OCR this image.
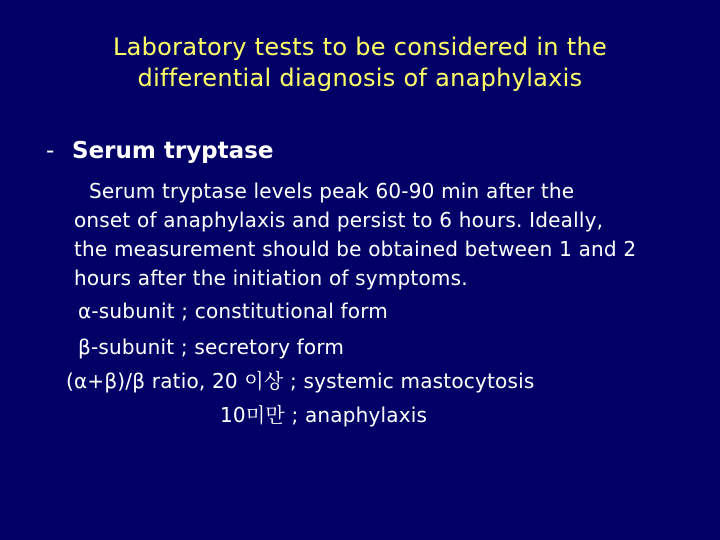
Laboratory tests to be considered in the
differential diagnosis of anaphylaxis
- Serum tryptase
Serum tryptase levels peak 60-90 min after the
onset of anaphylaxis and persist to 6 hours. Ideally,
the measurement should be obtained between 1 and 2
hours after the initiation of symptoms.
α-subunit ; constitutional form
β-subunit ; secretory form
(α+β)/β ratio, 20 이상 ; systemic mastocytosis
10미만 ; anaphylaxis
